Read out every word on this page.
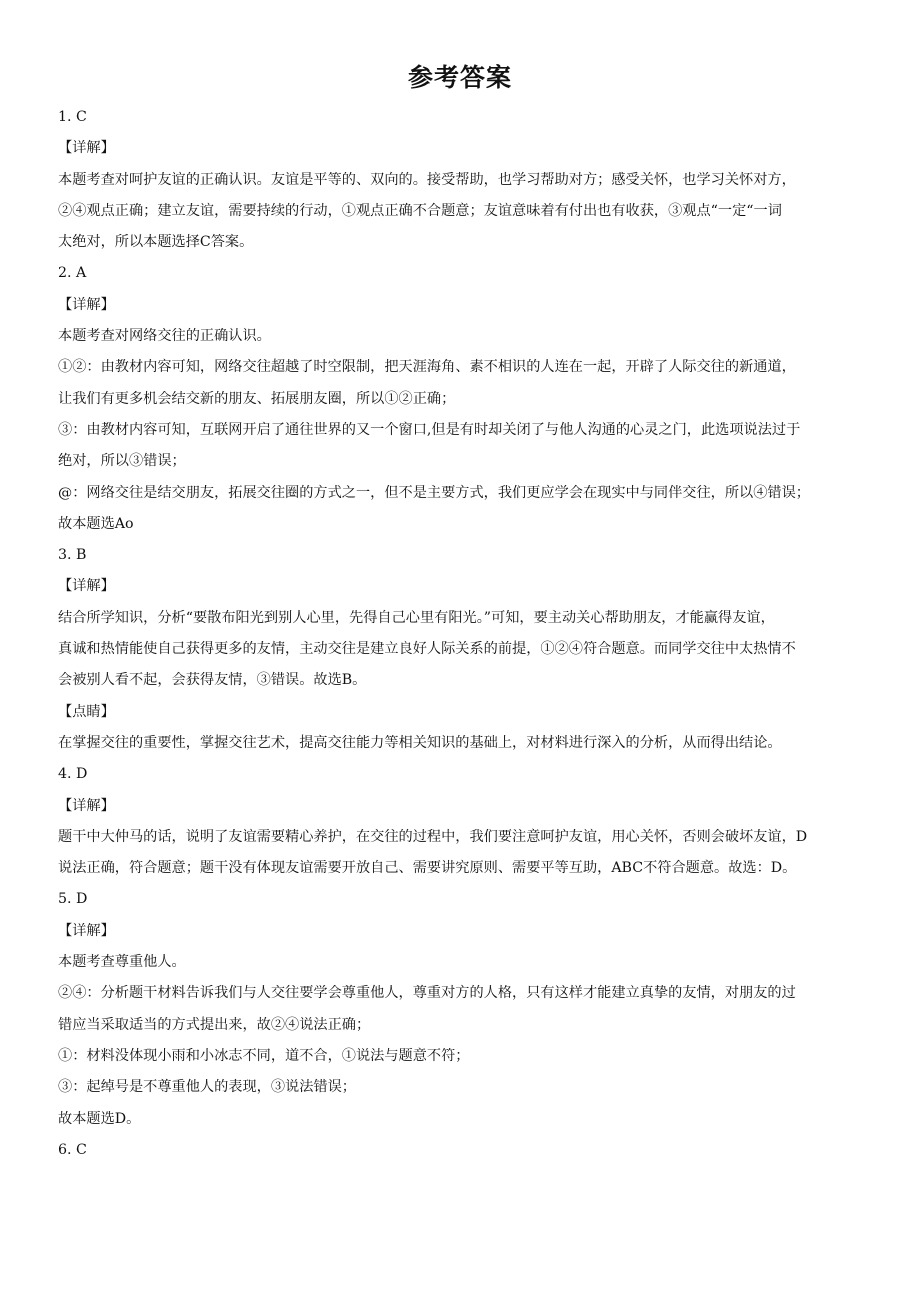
参考答案
1. C
【详解】
本题考查对呵护友谊的正确认识。友谊是平等的、双向的。接受帮助，也学习帮助对方；感受关怀，也学习关怀对方，
②④观点正确；建立友谊，需要持续的行动，①观点正确不合题意；友谊意味着有付出也有收获，③观点“一定“一词
太绝对，所以本题选择C答案。
2. A
【详解】
本题考查对网络交往的正确认识。
①②：由教材内容可知，网络交往超越了时空限制，把天涯海角、素不相识的人连在一起，开辟了人际交往的新通道，
让我们有更多机会结交新的朋友、拓展朋友圈，所以①②正确；
③：由教材内容可知，互联网开启了通往世界的又一个窗口,但是有时却关闭了与他人沟通的心灵之门，此选项说法过于
绝对，所以③错误；
@：网络交往是结交朋友，拓展交往圈的方式之一，但不是主要方式，我们更应学会在现实中与同伴交往，所以④错误；
故本题选Ao
3. B
【详解】
结合所学知识，分析“要散布阳光到别人心里，先得自己心里有阳光。”可知，要主动关心帮助朋友，才能赢得友谊，
真诚和热情能使自己获得更多的友情，主动交往是建立良好人际关系的前提，①②④符合题意。而同学交往中太热情不
会被别人看不起，会获得友情，③错误。故选B。
【点睛】
在掌握交往的重要性，掌握交往艺术，提高交往能力等相关知识的基础上，对材料进行深入的分析，从而得出结论。
4. D
【详解】
题干中大仲马的话，说明了友谊需要精心养护，在交往的过程中，我们要注意呵护友谊，用心关怀，否则会破坏友谊，D
说法正确，符合题意；题干没有体现友谊需要开放自己、需要讲究原则、需要平等互助，ABC不符合题意。故选：D。
5. D
【详解】
本题考查尊重他人。
②④：分析题干材料告诉我们与人交往要学会尊重他人，尊重对方的人格，只有这样才能建立真挚的友情，对朋友的过
错应当采取适当的方式提出来，故②④说法正确；
①：材料没体现小雨和小冰志不同，道不合，①说法与题意不符；
③：起绰号是不尊重他人的表现，③说法错误；
故本题选D。
6. C
